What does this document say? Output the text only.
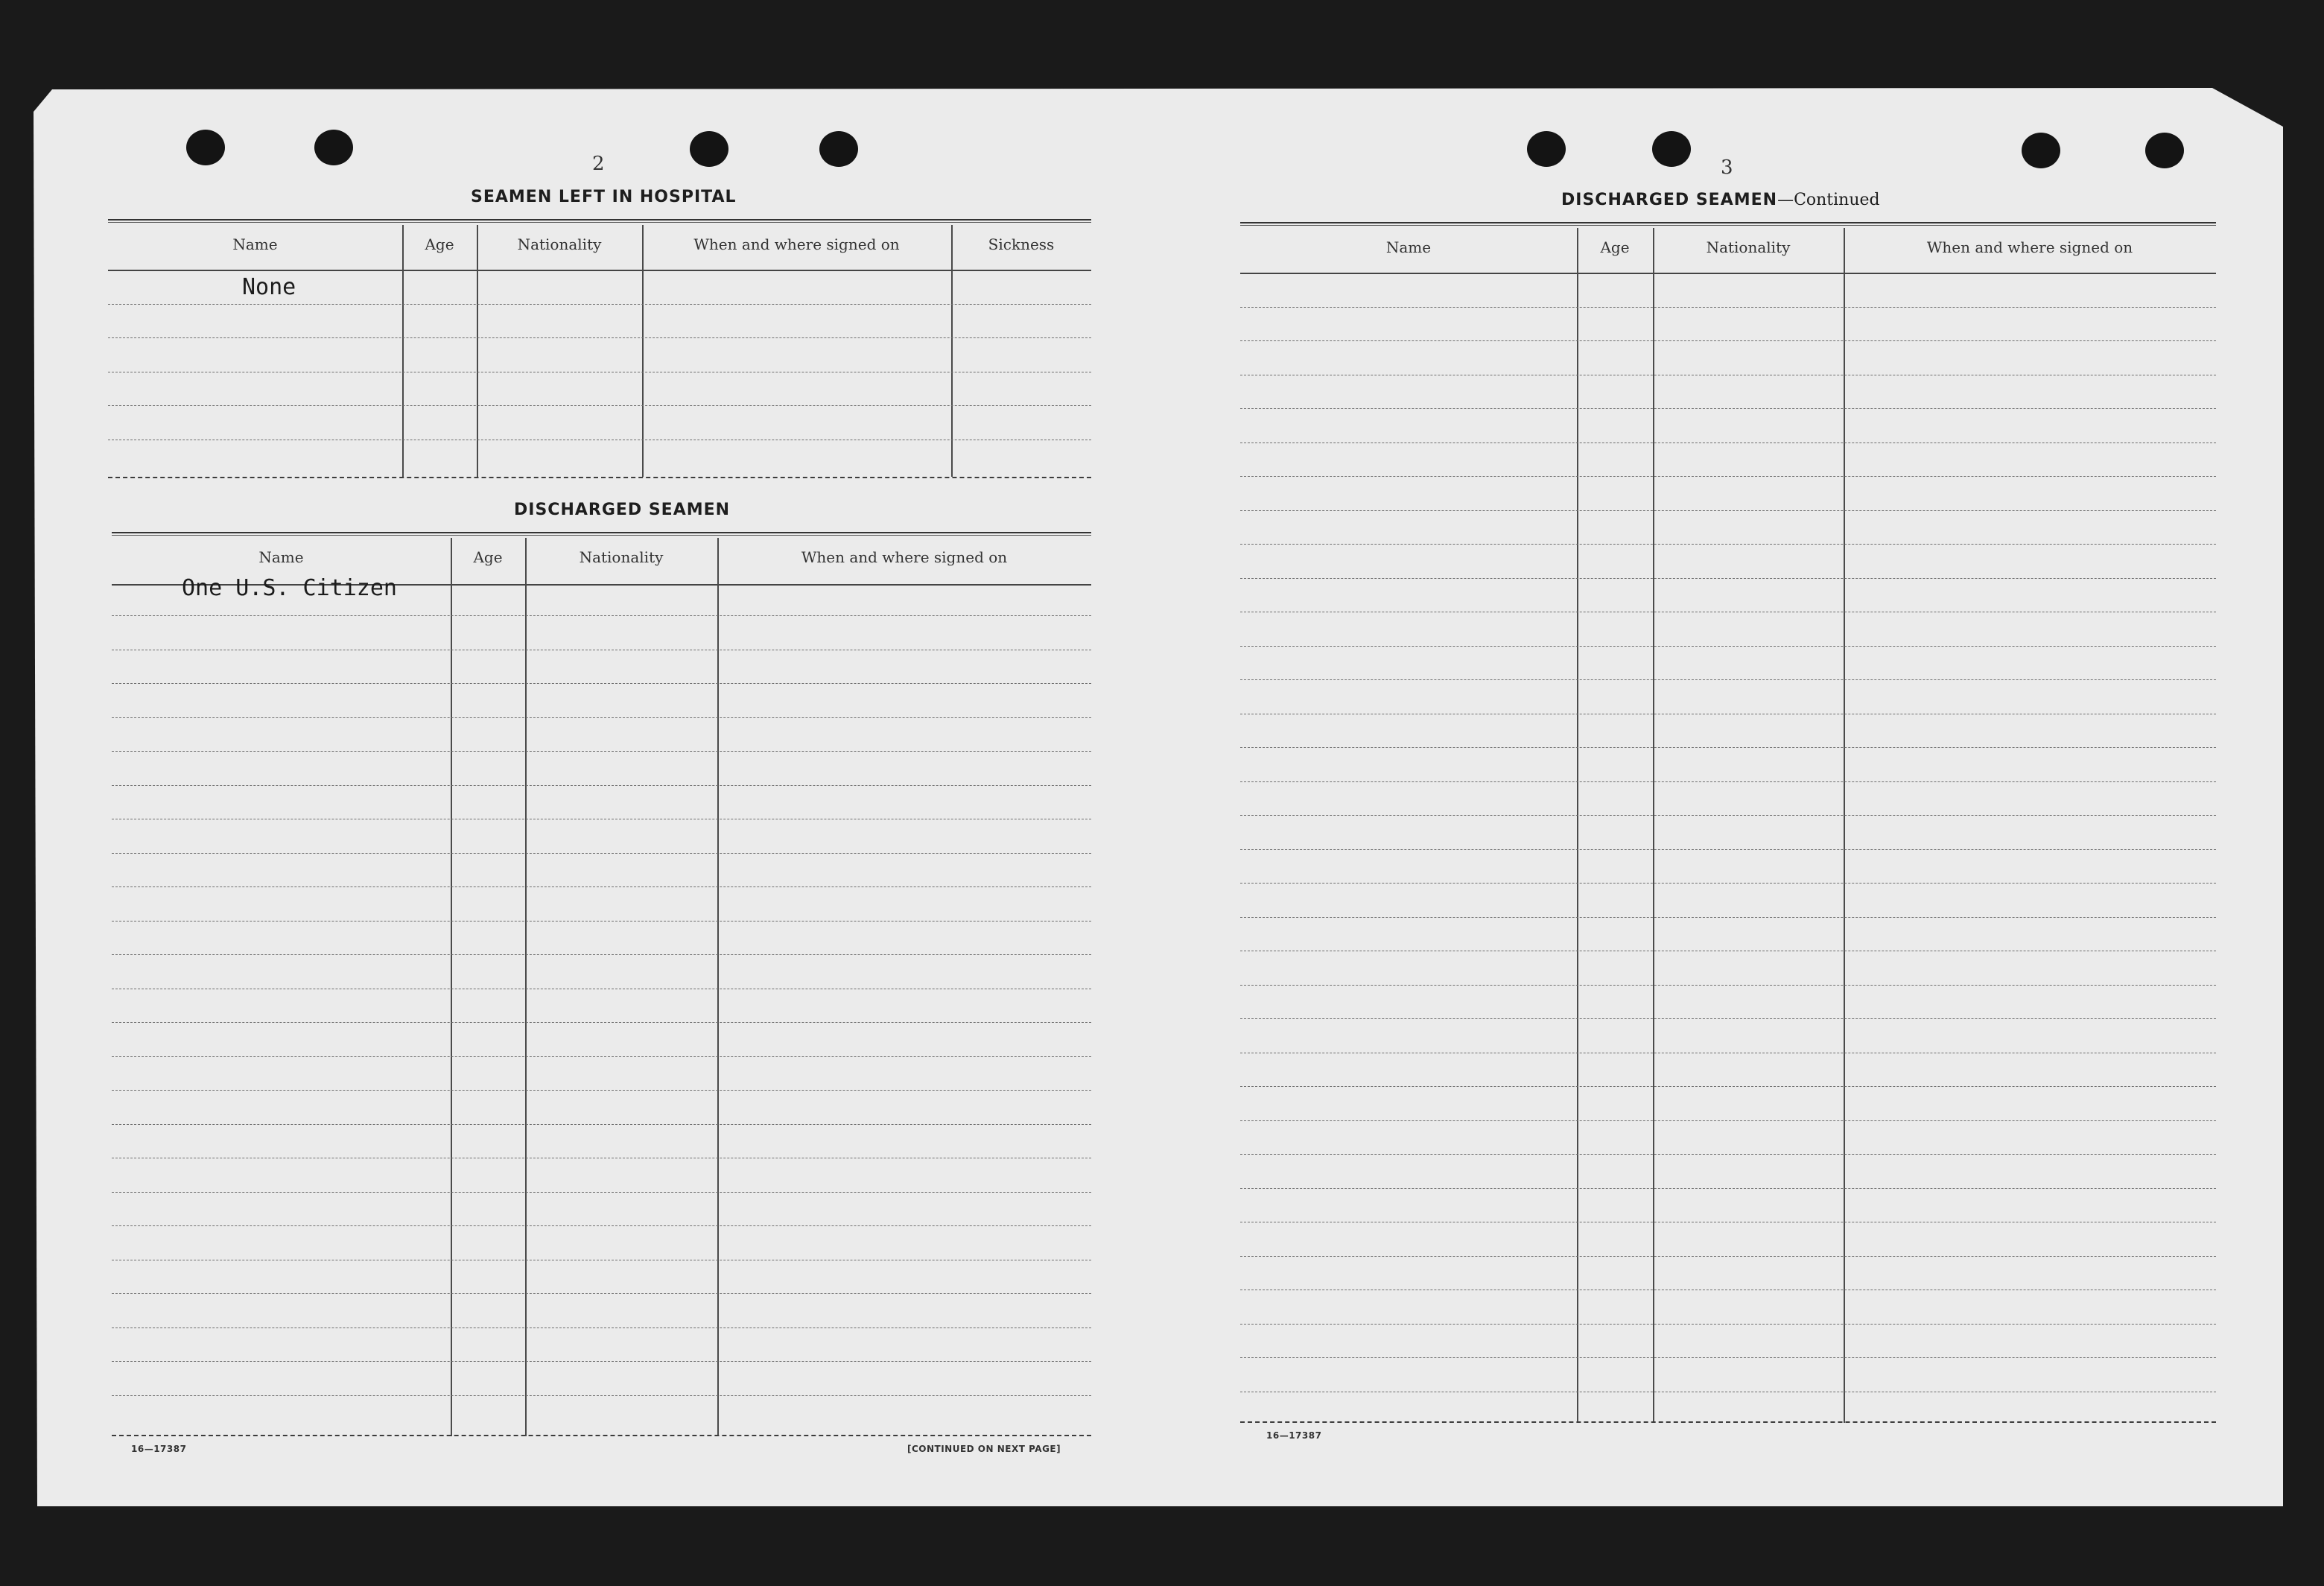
2
SEAMEN LEFT IN HOSPITAL
Name	Age	Nationality	When and where signed on	Sickness
None
DISCHARGED SEAMEN
Name	Age	Nationality	When and where signed on
One U.S. Citizen
16—17387	[CONTINUED ON NEXT PAGE]
3
DISCHARGED SEAMEN—Continued
Name	Age	Nationality	When and where signed on
16—17387
